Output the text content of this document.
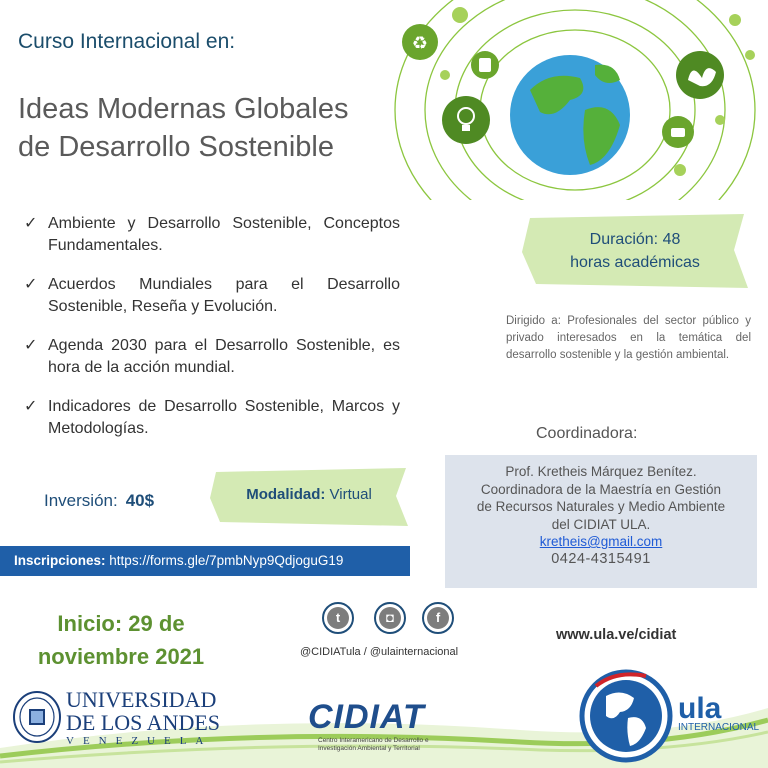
♻
Curso Internacional en:
Ideas Modernas Globales
de Desarrollo Sostenible
✓ Ambiente y Desarrollo Sostenible, Conceptos Fundamentales.
✓ Acuerdos Mundiales para el Desarrollo Sostenible, Reseña y Evolución.
✓ Agenda 2030 para el Desarrollo Sostenible, es hora de la acción mundial.
✓ Indicadores de Desarrollo Sostenible, Marcos y Metodologías.
Duración: 48
horas académicas
Dirigido a: Profesionales del sector público y privado interesados en la temática del desarrollo sostenible y la gestión ambiental.
Coordinadora:
Prof. Kretheis Márquez Benítez.
Coordinadora de la Maestría en Gestión
de Recursos Naturales y Medio Ambiente
del CIDIAT ULA.
kretheis@gmail.com
0424-4315491
Inversión: 40$	Modalidad: Virtual
Inscripciones: https://forms.gle/7pmbNyp9QdjoguG19
Inicio: 29 de
noviembre 2021
t	◘	f
@CIDIATula / @ulainternacional
www.ula.ve/cidiat
UNIVERSIDAD
DE LOS ANDES
VENEZUELA
CIDIAT
Centro Interamericano de Desarrollo e Investigación Ambiental y Territorial
ula
INTERNACIONAL
